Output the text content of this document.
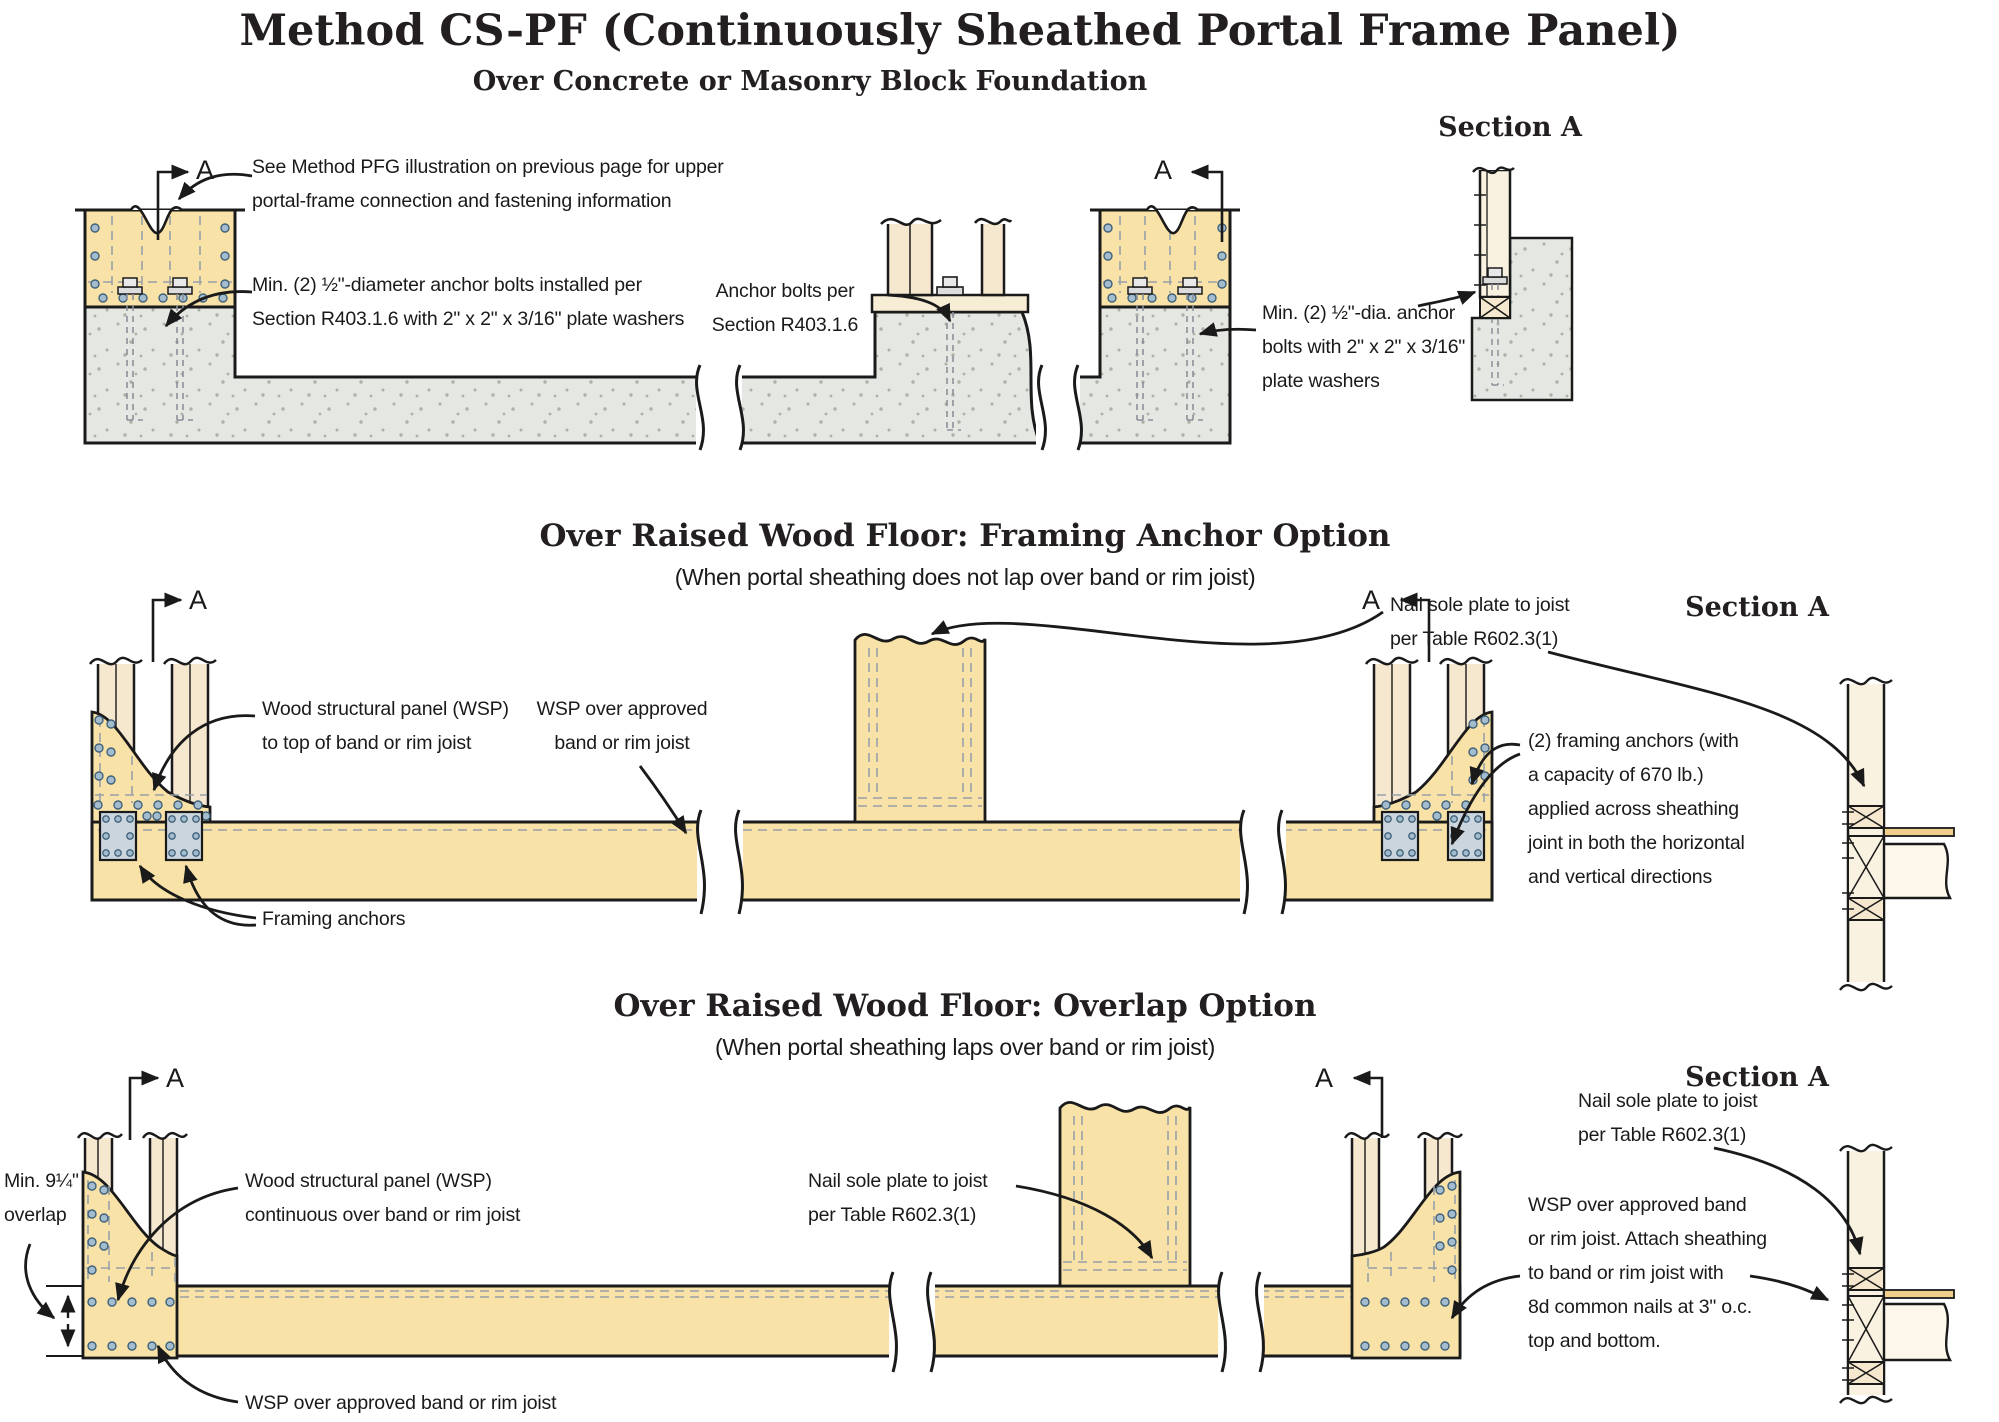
Method CS-PF (Continuously Sheathed Portal Frame Panel)
Over Concrete or Masonry Block Foundation
Over Raised Wood Floor: Framing Anchor Option
(When portal sheathing does not lap over band or rim joist)
Over Raised Wood Floor: Overlap Option
(When portal sheathing laps over band or rim joist)
Section A
Section A
Section A
A	A
A	A
A	A
See Method PFG illustration on previous page for upper
portal-frame connection and fastening information
Min. (2) ½"-diameter anchor bolts installed per
Section R403.1.6 with 2" x 2" x 3/16" plate washers
Anchor bolts per
Section R403.1.6
Min. (2) ½"-dia. anchor
bolts with 2" x 2" x 3/16"
plate washers
Wood structural panel (WSP)
to top of band or rim joist
WSP over approved
band or rim joist
Framing anchors
Nail sole plate to joist
per Table R602.3(1)
(2) framing anchors (with
a capacity of 670 lb.)
applied across sheathing
joint in both the horizontal
and vertical directions
Min. 9¼"
overlap
Wood structural panel (WSP)
continuous over band or rim joist
Nail sole plate to joist
per Table R602.3(1)
WSP over approved band or rim joist
Nail sole plate to joist
per Table R602.3(1)
WSP over approved band
or rim joist. Attach sheathing
to band or rim joist with
8d common nails at 3" o.c.
top and bottom.
